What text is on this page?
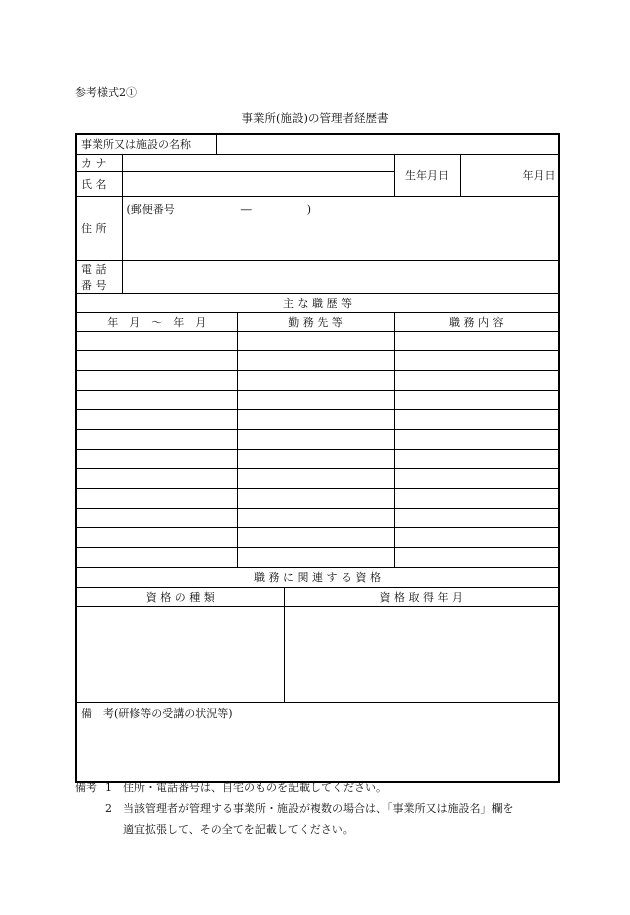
参考様式2①
事業所(施設)の管理者経歴書
事業所又は施設の名称						
カ ナ					生年月日	年 月 日

氏 名						
住 所	(郵便番号　　　　　　―　　　　　)					
電 話 番 号						
主 な 職 歴 等						
年　月　～　年　月			勤 務 先 等		職 務 内 容	

職 務 に 関 連 す る 資 格						
資 格 の 種 類				資 格 取 得 年 月		

備　考(研修等の受講の状況等)						
備考 1	住所・電話番号は、自宅のものを記載してください。
2	当該管理者が管理する事業所・施設が複数の場合は、「事業所又は施設名」欄を
適宜拡張して、その全てを記載してください。
